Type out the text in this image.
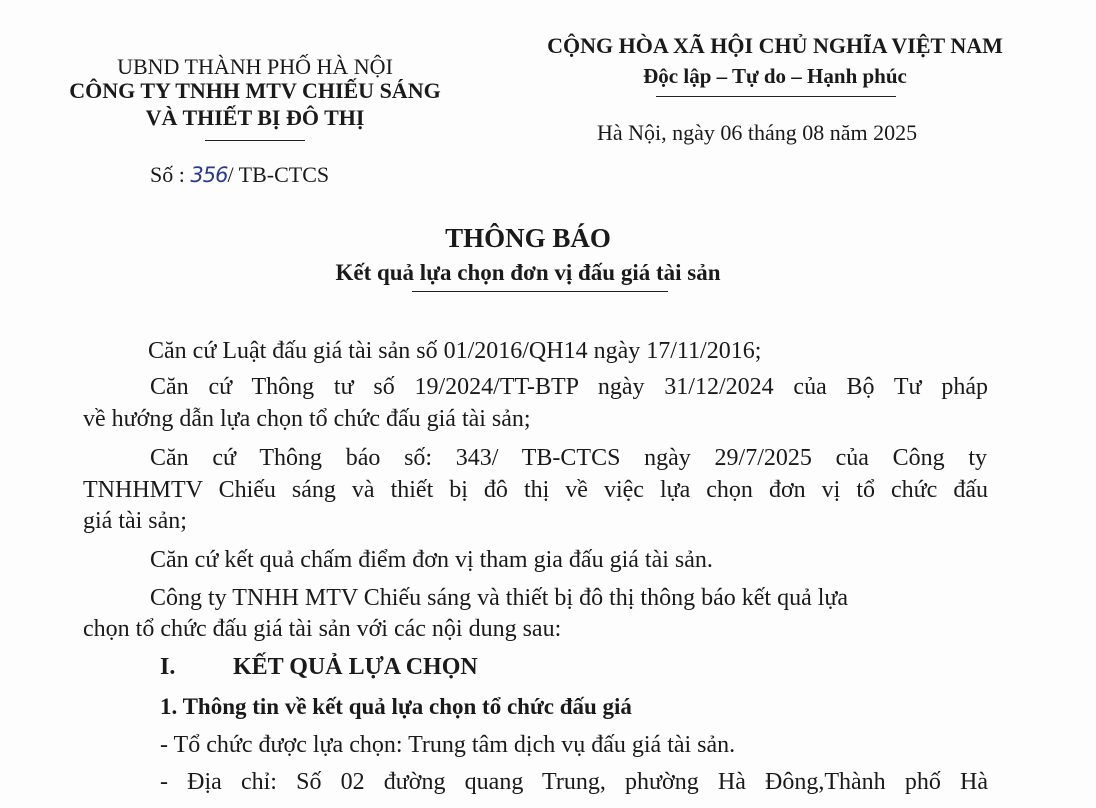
UBND THÀNH PHỐ HÀ NỘI
CÔNG TY TNHH MTV CHIẾU SÁNG
VÀ THIẾT BỊ ĐÔ THỊ
Số : 356/ TB-CTCS
CỘNG HÒA XÃ HỘI CHỦ NGHĨA VIỆT NAM
Độc lập – Tự do – Hạnh phúc
Hà Nội, ngày 06 tháng 08 năm 2025
THÔNG BÁO
Kết quả lựa chọn đơn vị đấu giá tài sản
Căn cứ Luật đấu giá tài sản số 01/2016/QH14 ngày 17/11/2016;
Căn cứ Thông tư số 19/2024/TT-BTP ngày 31/12/2024 của Bộ Tư pháp
về hướng dẫn lựa chọn tổ chức đấu giá tài sản;
Căn cứ Thông báo số: 343/ TB-CTCS ngày 29/7/2025 của Công ty
TNHHMTV Chiếu sáng và thiết bị đô thị về việc lựa chọn đơn vị tổ chức đấu
giá tài sản;
Căn cứ kết quả chấm điểm đơn vị tham gia đấu giá tài sản.
Công ty TNHH MTV Chiếu sáng và thiết bị đô thị thông báo kết quả lựa
chọn tổ chức đấu giá tài sản với các nội dung sau:
I. KẾT QUẢ LỰA CHỌN
1. Thông tin về kết quả lựa chọn tổ chức đấu giá
- Tổ chức được lựa chọn: Trung tâm dịch vụ đấu giá tài sản.
- Địa chỉ: Số 02 đường quang Trung, phường Hà Đông,Thành phố Hà
